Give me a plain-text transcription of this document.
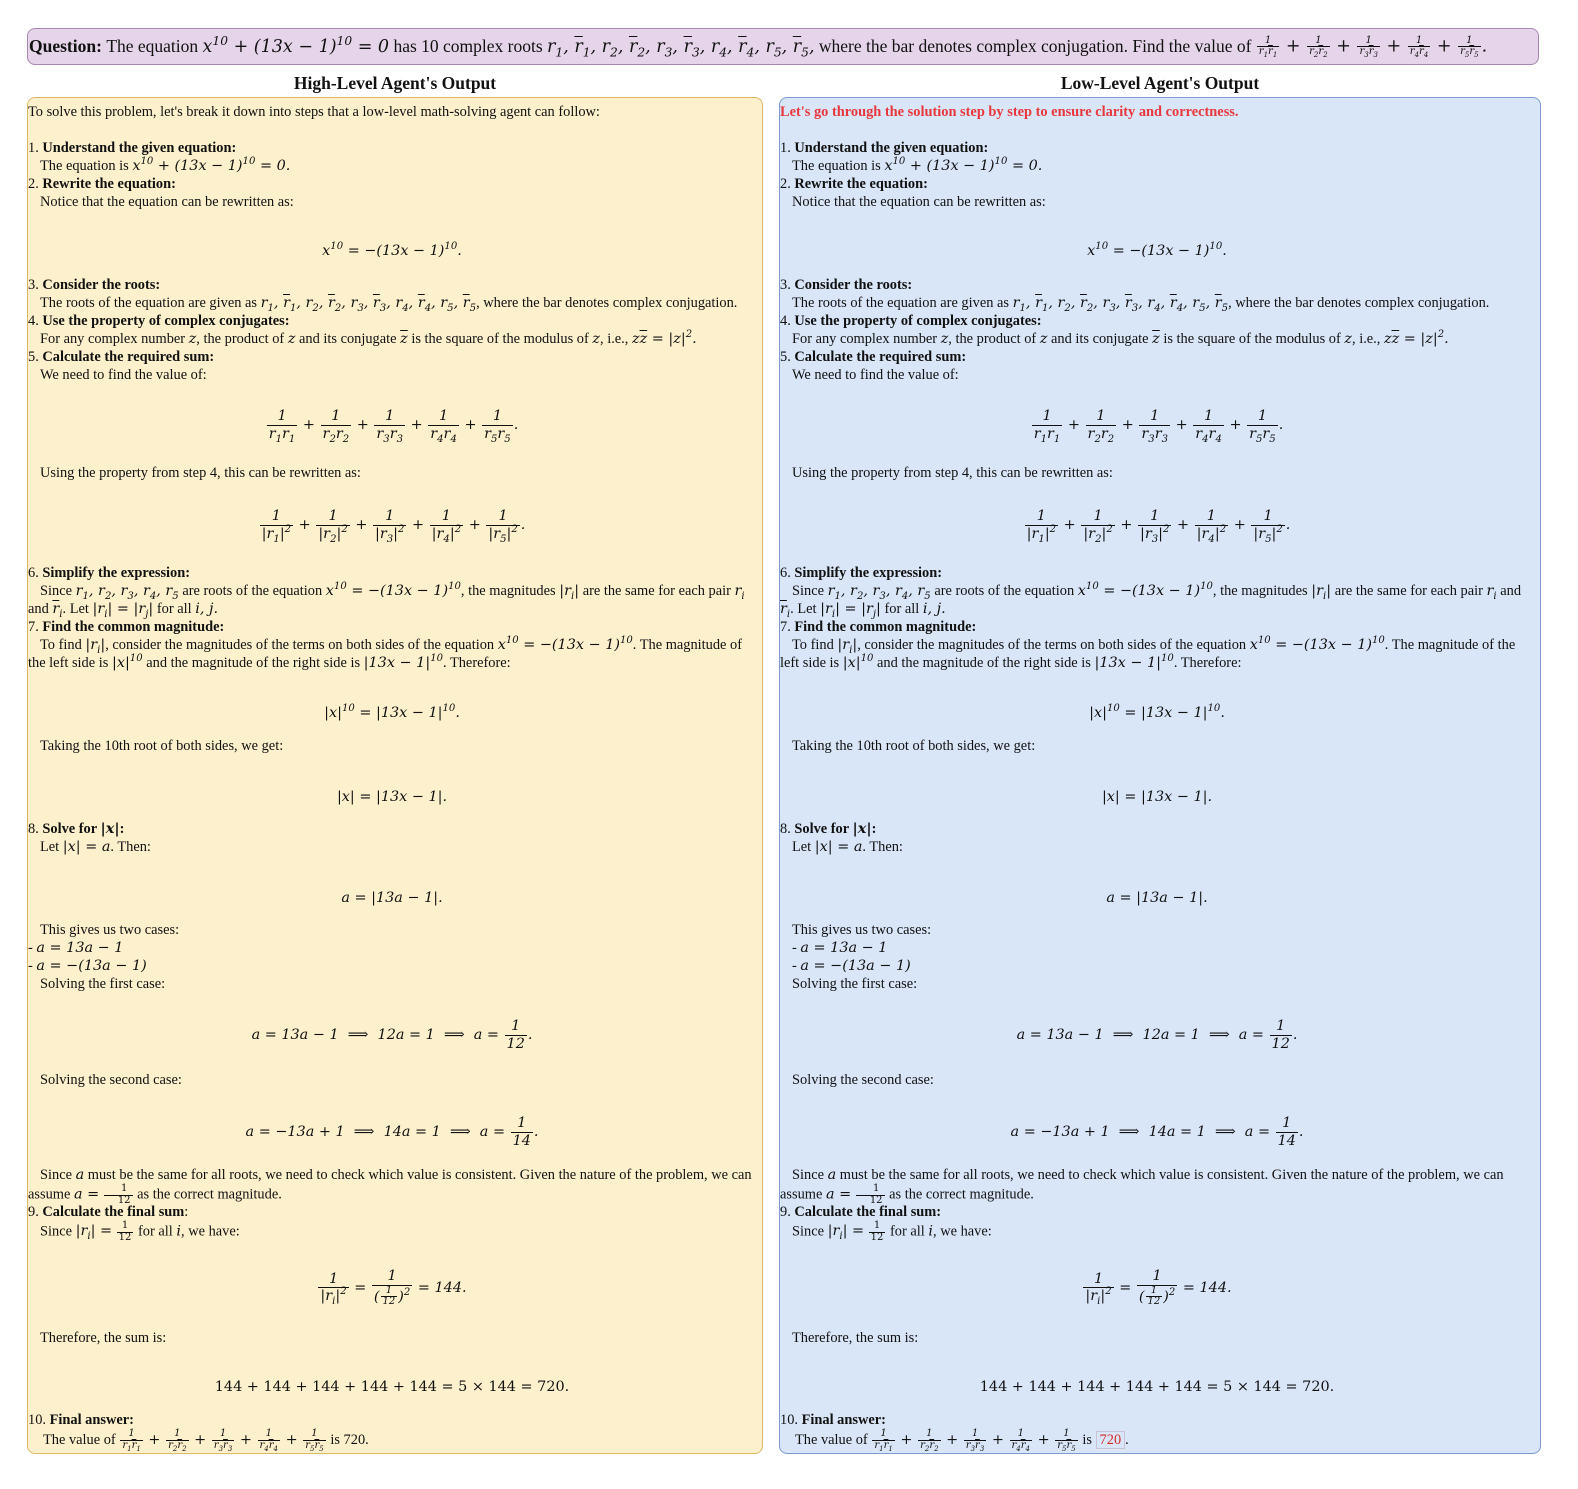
Question:
The equation
$x^{10} + (13x - 1)^{10} = 0$
has 10 complex roots
$r_1$, $\overline{r}_1$, $r_2$, $\overline{r}_2$, $r_3$, $\overline{r}_3$, $r_4$, $\overline{r}_4$, $r_5$, $\overline{r}_5$,
where the bar denotes complex conjugation. Find the value of
$\frac{1}{r_1\overline{r}_1} + \frac{1}{r_2\overline{r}_2} + \frac{1}{r_3\overline{r}_3} + \frac{1}{r_4\overline{r}_4} + \frac{1}{r_5\overline{r}_5}$ .
High-Level Agent's Output	Low-Level Agent's Output
To solve this problem, let's break it down into steps that a low-level math-solving agent can follow:
1. Understand the given equation:
The equation is $x^{10} + (13x - 1)^{10} = 0$.
2. Rewrite the equation:
Notice that the equation can be rewritten as:
$x^{10} = -(13x - 1)^{10}$.
3. Consider the roots:
The roots of the equation are given as $r_1$, $\overline{r}_1$, $r_2$, $\overline{r}_2$, $r_3$, $\overline{r}_3$, $r_4$, $\overline{r}_4$, $r_5$, $\overline{r}_5$, where the bar denotes complex conjugation.
4. Use the property of complex conjugates:
For any complex number z, the product of z and its conjugate $\overline{z}$ is the square of the modulus of z, i.e., $z\overline{z} = |z|^2$.
5. Calculate the required sum:
We need to find the value of:
$\frac{1}{r_1\overline{r}_1} + \frac{1}{r_2\overline{r}_2} + \frac{1}{r_3\overline{r}_3} + \frac{1}{r_4\overline{r}_4} + \frac{1}{r_5\overline{r}_5}$ .
Using the property from step 4, this can be rewritten as:
$\frac{1}{|r_1|^2} + \frac{1}{|r_2|^2} + \frac{1}{|r_3|^2} + \frac{1}{|r_4|^2} + \frac{1}{|r_5|^2}$ .
6. Simplify the expression:
Since $r_1$, $r_2$, $r_3$, $r_4$, $r_5$ are roots of the equation $x^{10} = -(13x - 1)^{10}$, the magnitudes $|r_i|$ are the same for each pair $r_i$ and $\overline{r}_i$. Let $|r_i| = |r_j|$ for all i, j.
7. Find the common magnitude:
To find $|r_i|$, consider the magnitudes of the terms on both sides of the equation $x^{10} = -(13x - 1)^{10}$. The magnitude of the left side is $|x|^{10}$ and the magnitude of the right side is $|13x - 1|^{10}$. Therefore:
$|x|^{10} = |13x - 1|^{10}$.
Taking the 10th root of both sides, we get:
|x| = |13x − 1|.
8. Solve for |x|:
Let |x| = a. Then:
a = |13a − 1|.
This gives us two cases:
- a = 13a − 1
- a = −(13a − 1)
Solving the first case:
a = 13a − 1  ⟹  12a = 1  ⟹  $a = \frac{1}{12}$ .
Solving the second case:
a = −13a + 1  ⟹  14a = 1  ⟹  $a = \frac{1}{14}$ .
Since a must be the same for all roots, we need to check which value is consistent. Given the nature of the problem, we can assume $a = \frac{1}{12}$ as the correct magnitude.
9. Calculate the final sum:
Since $|r_i| = \frac{1}{12}$ for all i, we have:
$\frac{1}{|r_i|^2} = \frac{1}{( \frac{1}{12} )^2} = 144$.
Therefore, the sum is:
144 + 144 + 144 + 144 + 144 = 5 × 144 = 720.
10. Final answer:
The value of $\frac{1}{r_1\overline{r}_1} + \frac{1}{r_2\overline{r}_2} + \frac{1}{r_3\overline{r}_3} + \frac{1}{r_4\overline{r}_4} + \frac{1}{r_5\overline{r}_5}$ is 720.
Let's go through the solution step by step to ensure clarity and correctness.
1. Understand the given equation:
The equation is $x^{10} + (13x - 1)^{10} = 0$.
2. Rewrite the equation:
Notice that the equation can be rewritten as:
$x^{10} = -(13x - 1)^{10}$.
3. Consider the roots:
The roots of the equation are given as $r_1$, $\overline{r}_1$, $r_2$, $\overline{r}_2$, $r_3$, $\overline{r}_3$, $r_4$, $\overline{r}_4$, $r_5$, $\overline{r}_5$, where the bar denotes complex conjugation.
4. Use the property of complex conjugates:
For any complex number z, the product of z and its conjugate $\overline{z}$ is the square of the modulus of z, i.e., $z\overline{z} = |z|^2$.
5. Calculate the required sum:
We need to find the value of:
$\frac{1}{r_1\overline{r}_1} + \frac{1}{r_2\overline{r}_2} + \frac{1}{r_3\overline{r}_3} + \frac{1}{r_4\overline{r}_4} + \frac{1}{r_5\overline{r}_5}$ .
Using the property from step 4, this can be rewritten as:
$\frac{1}{|r_1|^2} + \frac{1}{|r_2|^2} + \frac{1}{|r_3|^2} + \frac{1}{|r_4|^2} + \frac{1}{|r_5|^2}$ .
6. Simplify the expression:
Since $r_1$, $r_2$, $r_3$, $r_4$, $r_5$ are roots of the equation $x^{10} = -(13x - 1)^{10}$, the magnitudes $|r_i|$ are the same for each pair $r_i$ and $\overline{r}_i$. Let $|r_i| = |r_j|$ for all i, j.
7. Find the common magnitude:
To find $|r_i|$, consider the magnitudes of the terms on both sides of the equation $x^{10} = -(13x - 1)^{10}$. The magnitude of the left side is $|x|^{10}$ and the magnitude of the right side is $|13x - 1|^{10}$. Therefore:
$|x|^{10} = |13x - 1|^{10}$.
Taking the 10th root of both sides, we get:
|x| = |13x − 1|.
8. Solve for |x|:
Let |x| = a. Then:
a = |13a − 1|.
This gives us two cases:
- a = 13a − 1
- a = −(13a − 1)
Solving the first case:
a = 13a − 1  ⟹  12a = 1  ⟹  $a = \frac{1}{12}$ .
Solving the second case:
a = −13a + 1  ⟹  14a = 1  ⟹  $a = \frac{1}{14}$ .
Since a must be the same for all roots, we need to check which value is consistent. Given the nature of the problem, we can assume $a = \frac{1}{12}$ as the correct magnitude.
9. Calculate the final sum:
Since $|r_i| = \frac{1}{12}$ for all i, we have:
$\frac{1}{|r_i|^2} = \frac{1}{( \frac{1}{12} )^2} = 144$.
Therefore, the sum is:
144 + 144 + 144 + 144 + 144 = 5 × 144 = 720.
10. Final answer:
The value of $\frac{1}{r_1\overline{r}_1} + \frac{1}{r_2\overline{r}_2} + \frac{1}{r_3\overline{r}_3} + \frac{1}{r_4\overline{r}_4} + \frac{1}{r_5\overline{r}_5}$ is 720 .
